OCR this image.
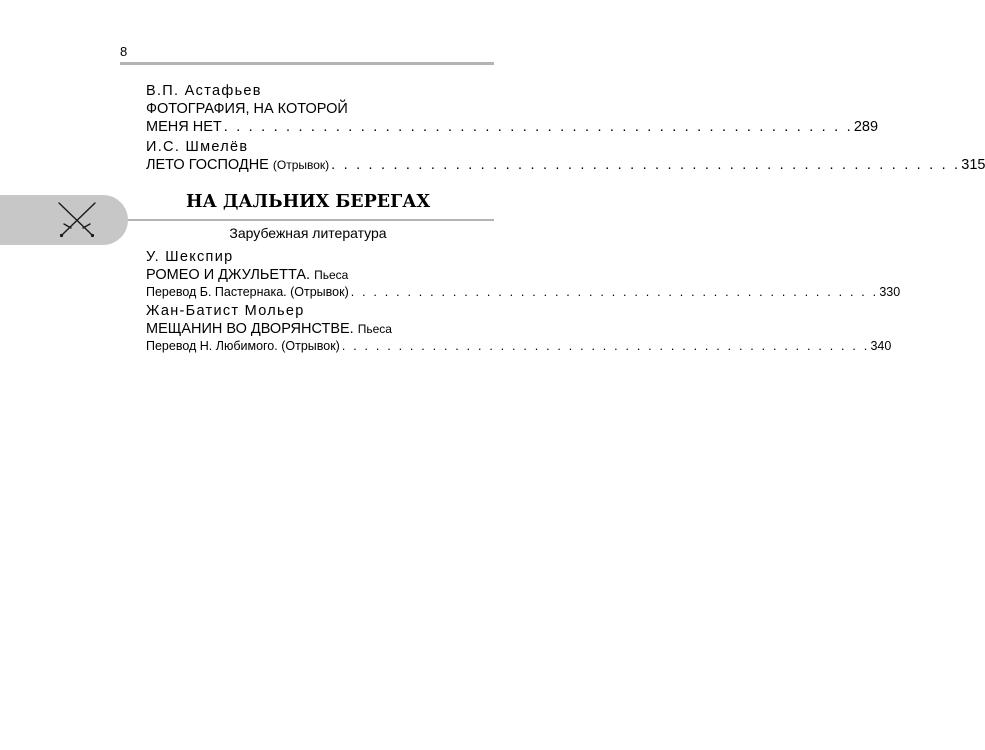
8
В.П. Астафьев
ФОТОГРАФИЯ, НА КОТОРОЙ
МЕНЯ НЕТ . . . . . . . . . . . . . . . . . . . . . . . . . . . . . . . . . . . . . . . . . . . . . . . . . . . 289
И.С. Шмелёв
ЛЕТО ГОСПОДНЕ (Отрывок) . . . . . . . . . . . . . . . . . . . . . . . . . . . . . . . . . . . . . . . . . . . . . . . . . . . 315
НА ДАЛЬНИХ БЕРЕГАХ
Зарубежная литература
У. Шекспир
РОМЕО И ДЖУЛЬЕТТА. Пьеса
Перевод Б. Пастернака. (Отрывок) . . . . . . . . . . . . . . . . . . . . . . . . . . . . . . . . . . . . . . . . . . . . . . . 330
Жан-Батист Мольер
МЕЩАНИН ВО ДВОРЯНСТВЕ. Пьеса
Перевод Н. Любимого. (Отрывок) . . . . . . . . . . . . . . . . . . . . . . . . . . . . . . . . . . . . . . . . . . . . . . . 340
